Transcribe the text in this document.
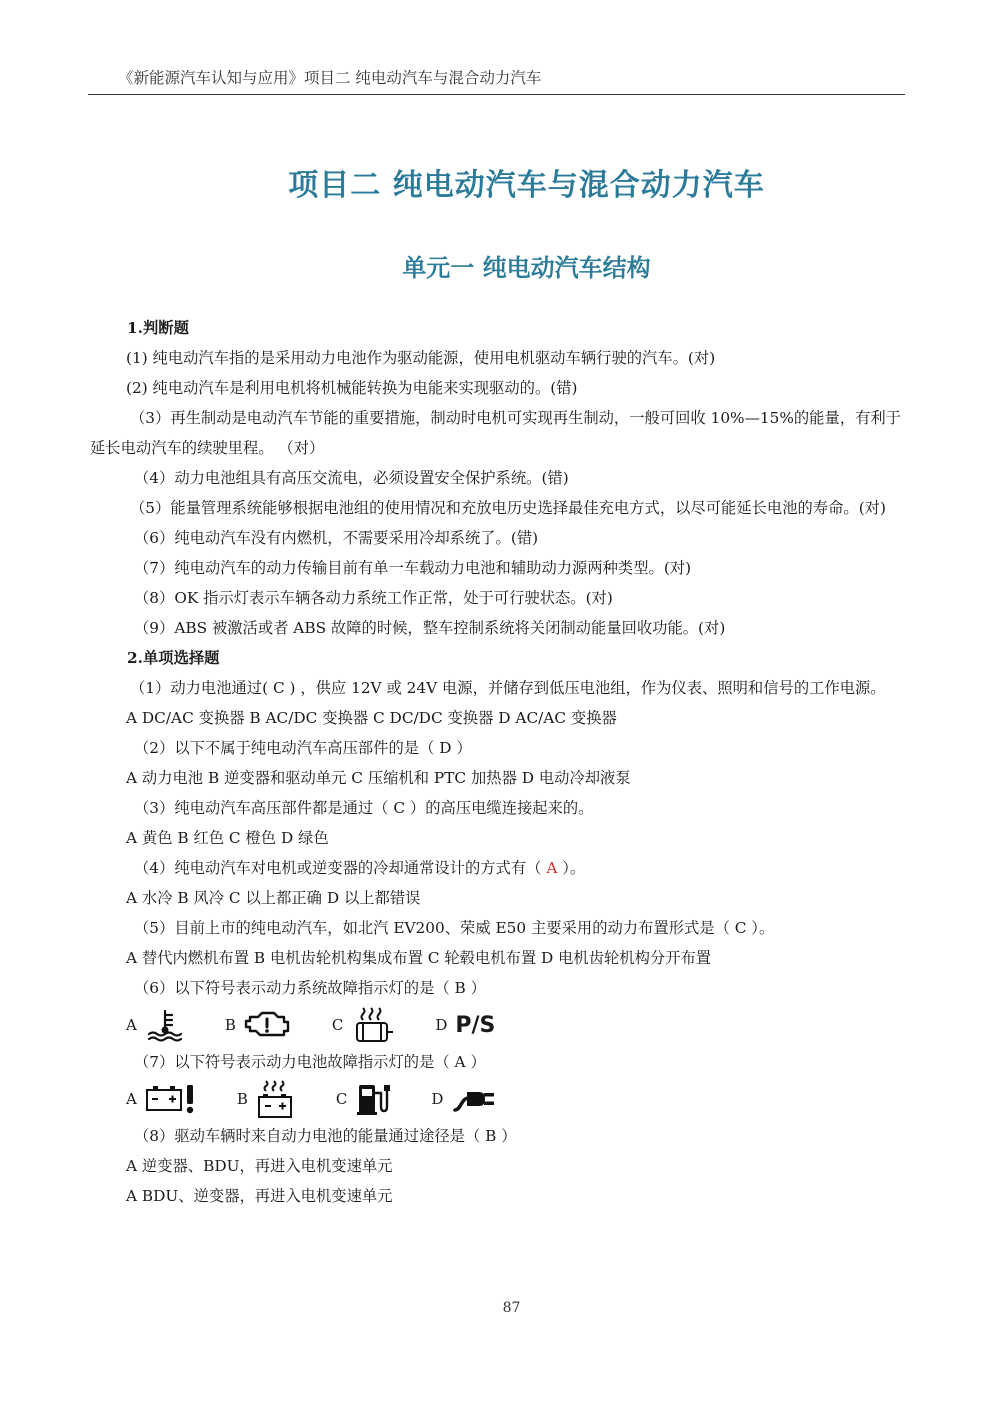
《新能源汽车认知与应用》项目二 纯电动汽车与混合动力汽车
项目二 纯电动汽车与混合动力汽车
单元一 纯电动汽车结构
1.判断题
(1) 纯电动汽车指的是采用动力电池作为驱动能源，使用电机驱动车辆行驶的汽车。(对)
(2) 纯电动汽车是利用电机将机械能转换为电能来实现驱动的。(错)
（3）再生制动是电动汽车节能的重要措施，制动时电机可实现再生制动，一般可回收 10%—15%的能量，有利于延长电动汽车的续驶里程。 （对）
（4）动力电池组具有高压交流电，必须设置安全保护系统。(错)
（5）能量管理系统能够根据电池组的使用情况和充放电历史选择最佳充电方式，以尽可能延长电池的寿命。(对)
（6）纯电动汽车没有内燃机，不需要采用冷却系统了。(错)
（7）纯电动汽车的动力传输目前有单一车载动力电池和辅助动力源两种类型。(对)
（8）OK 指示灯表示车辆各动力系统工作正常，处于可行驶状态。(对)
（9）ABS 被激活或者 ABS 故障的时候，整车控制系统将关闭制动能量回收功能。(对)
2.单项选择题
（1）动力电池通过( C ) ，供应 12V 或 24V 电源，并储存到低压电池组，作为仪表、照明和信号的工作电源。
A DC/AC 变换器 B AC/DC 变换器 C DC/DC 变换器 D AC/AC 变换器
（2）以下不属于纯电动汽车高压部件的是（ D ）
A 动力电池 B 逆变器和驱动单元 C 压缩机和 PTC 加热器 D 电动冷却液泵
（3）纯电动汽车高压部件都是通过（ C ）的高压电缆连接起来的。
A 黄色 B 红色 C 橙色 D 绿色
（4）纯电动汽车对电机或逆变器的冷却通常设计的方式有（ A ）。
A 水冷 B 风冷 C 以上都正确 D 以上都错误
（5）目前上市的纯电动汽车，如北汽 EV200、荣威 E50 主要采用的动力布置形式是（ C ）。
A 替代内燃机布置 B 电机齿轮机构集成布置 C 轮毂电机布置 D 电机齿轮机构分开布置
（6）以下符号表示动力系统故障指示灯的是（ B ）
A	B	C	D P/S
（7）以下符号表示动力电池故障指示灯的是（ A ）
A	B	C	D
（8）驱动车辆时来自动力电池的能量通过途径是（ B ）
A 逆变器、BDU，再进入电机变速单元
A BDU、逆变器，再进入电机变速单元
87
